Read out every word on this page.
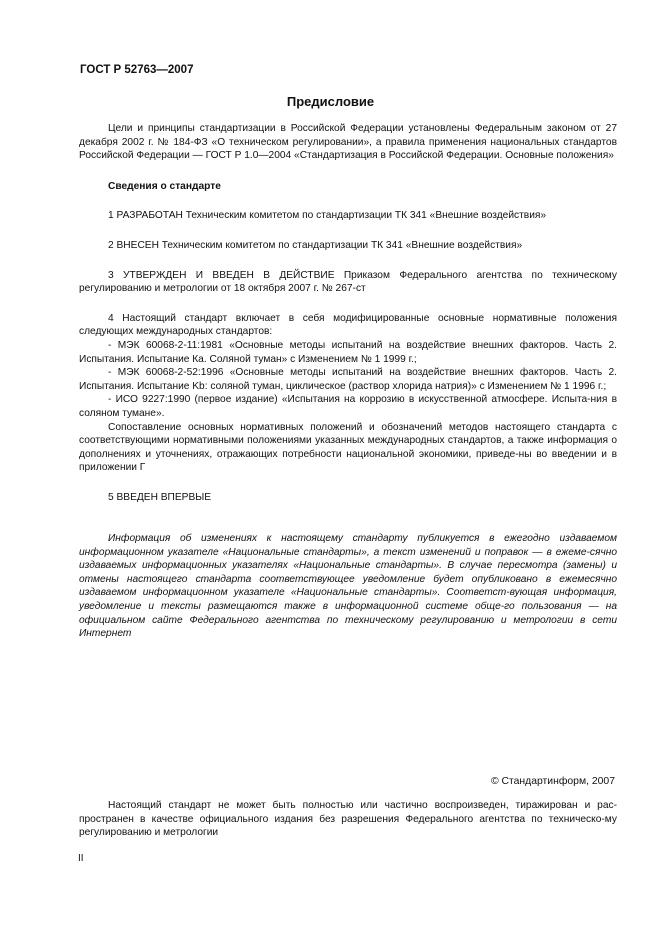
ГОСТ Р 52763—2007
Предисловие

Цели и принципы стандартизации в Российской Федерации установлены Федеральным законом от 27 декабря 2002 г. № 184-ФЗ «О техническом регулировании», а правила применения национальных стандартов Российской Федерации — ГОСТ Р 1.0—2004 «Стандартизация в Российской Федерации. Основные положения»

Сведения о стандарте

1 РАЗРАБОТАН Техническим комитетом по стандартизации ТК 341 «Внешние воздействия»

2 ВНЕСЕН Техническим комитетом по стандартизации ТК 341 «Внешние воздействия»

3 УТВЕРЖДЕН И ВВЕДЕН В ДЕЙСТВИЕ Приказом Федерального агентства по техническому регулированию и метрологии от 18 октября 2007 г. № 267-ст

4 Настоящий стандарт включает в себя модифицированные основные нормативные положения следующих международных стандартов:

- МЭК 60068-2-11:1981 «Основные методы испытаний на воздействие внешних факторов. Часть 2. Испытания. Испытание Ка. Соляной туман» с Изменением № 1 1999 г.;

- МЭК 60068-2-52:1996 «Основные методы испытаний на воздействие внешних факторов. Часть 2. Испытания. Испытание Kb: соляной туман, циклическое (раствор хлорида натрия)» с Изменением № 1 1996 г.;

- ИСО 9227:1990 (первое издание) «Испытания на коррозию в искусственной атмосфере. Испыта-ния в соляном тумане».

Сопоставление основных нормативных положений и обозначений методов настоящего стандарта с соответствующими нормативными положениями указанных международных стандартов, а также информация о дополнениях и уточнениях, отражающих потребности национальной экономики, приведе-ны во введении и в приложении Г

5 ВВЕДЕН ВПЕРВЫЕ

Информация об изменениях к настоящему стандарту публикуется в ежегодно издаваемом информационном указателе «Национальные стандарты», а текст изменений и поправок — в ежеме-сячно издаваемых информационных указателях «Национальные стандарты». В случае пересмотра (замены) и отмены настоящего стандарта соответствующее уведомление будет опубликовано в ежемесячно издаваемом информационном указателе «Национальные стандарты». Соответст-вующая информация, уведомление и тексты размещаются также в информационной системе обще-го пользования — на официальном сайте Федерального агентства по техническому регулированию и метрологии в сети Интернет

© Стандартинформ, 2007

Настоящий стандарт не может быть полностью или частично воспроизведен, тиражирован и рас-пространен в качестве официального издания без разрешения Федерального агентства по техническо-му регулированию и метрологии

II
